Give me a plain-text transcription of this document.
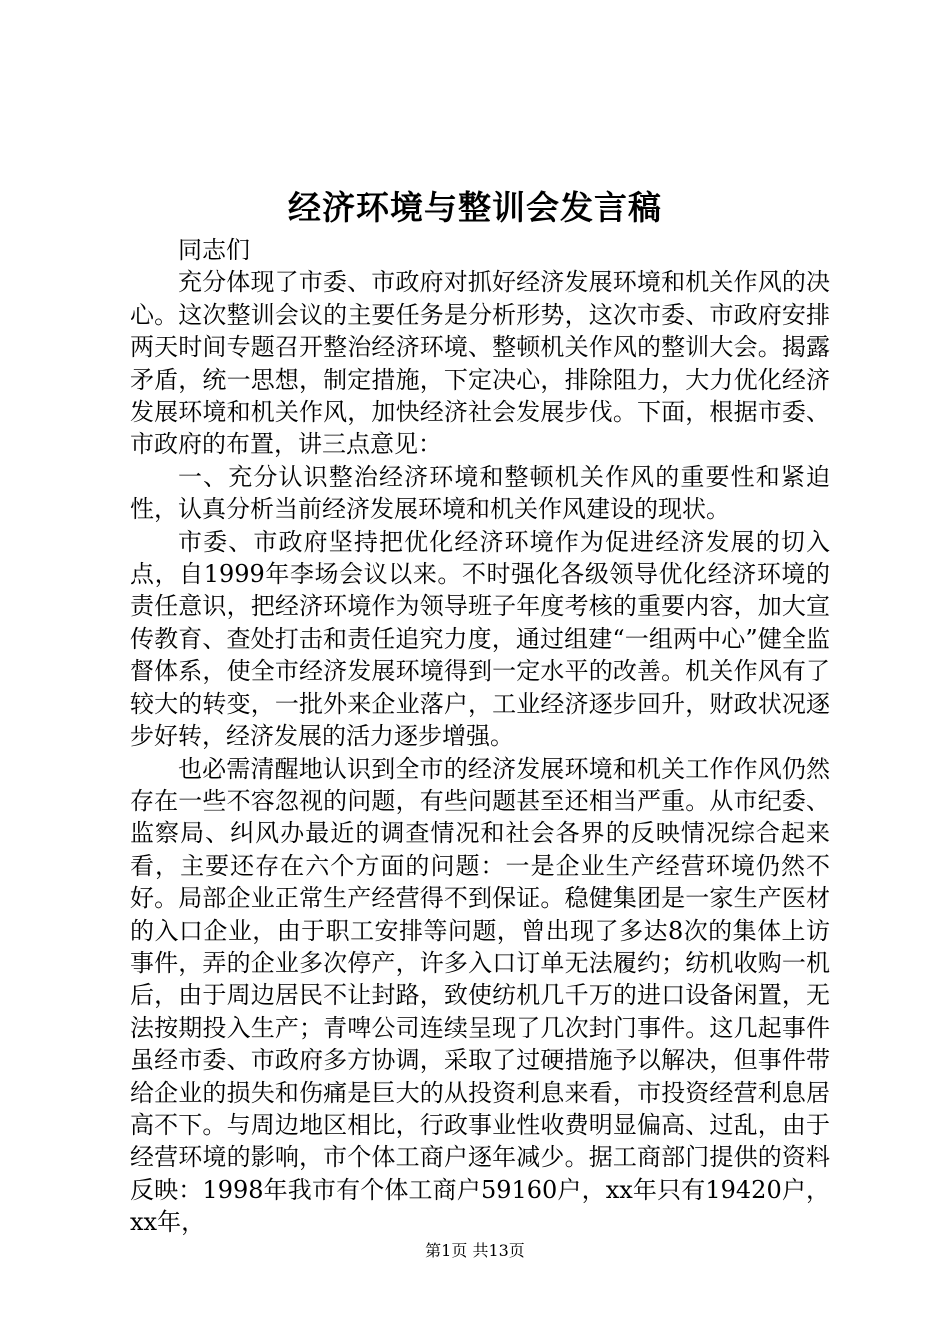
经济环境与整训会发言稿

同志们

充分体现了市委、市政府对抓好经济发展环境和机关作风的决心。这次整训会议的主要任务是分析形势，这次市委、市政府安排两天时间专题召开整治经济环境、整顿机关作风的整训大会。揭露矛盾，统一思想，制定措施，下定决心，排除阻力，大力优化经济发展环境和机关作风，加快经济社会发展步伐。下面，根据市委、市政府的布置，讲三点意见：

一、充分认识整治经济环境和整顿机关作风的重要性和紧迫性，认真分析当前经济发展环境和机关作风建设的现状。

市委、市政府坚持把优化经济环境作为促进经济发展的切入点，自1999年李场会议以来。不时强化各级领导优化经济环境的责任意识，把经济环境作为领导班子年度考核的重要内容，加大宣传教育、查处打击和责任追究力度，通过组建“一组两中心”健全监督体系，使全市经济发展环境得到一定水平的改善。机关作风有了较大的转变，一批外来企业落户，工业经济逐步回升，财政状况逐步好转，经济发展的活力逐步增强。

也必需清醒地认识到全市的经济发展环境和机关工作作风仍然存在一些不容忽视的问题，有些问题甚至还相当严重。从市纪委、监察局、纠风办最近的调查情况和社会各界的反映情况综合起来看，主要还存在六个方面的问题：一是企业生产经营环境仍然不好。局部企业正常生产经营得不到保证。稳健集团是一家生产医材的入口企业，由于职工安排等问题，曾出现了多达8次的集体上访事件，弄的企业多次停产，许多入口订单无法履约；纺机收购一机后，由于周边居民不让封路，致使纺机几千万的进口设备闲置，无法按期投入生产；青啤公司连续呈现了几次封门事件。这几起事件虽经市委、市政府多方协调，采取了过硬措施予以解决，但事件带给企业的损失和伤痛是巨大的从投资利息来看，市投资经营利息居高不下。与周边地区相比，行政事业性收费明显偏高、过乱，由于经营环境的影响，市个体工商户逐年减少。据工商部门提供的资料反映：1998年我市有个体工商户59160户，xx年只有19420户，xx年，

第1页 共13页
